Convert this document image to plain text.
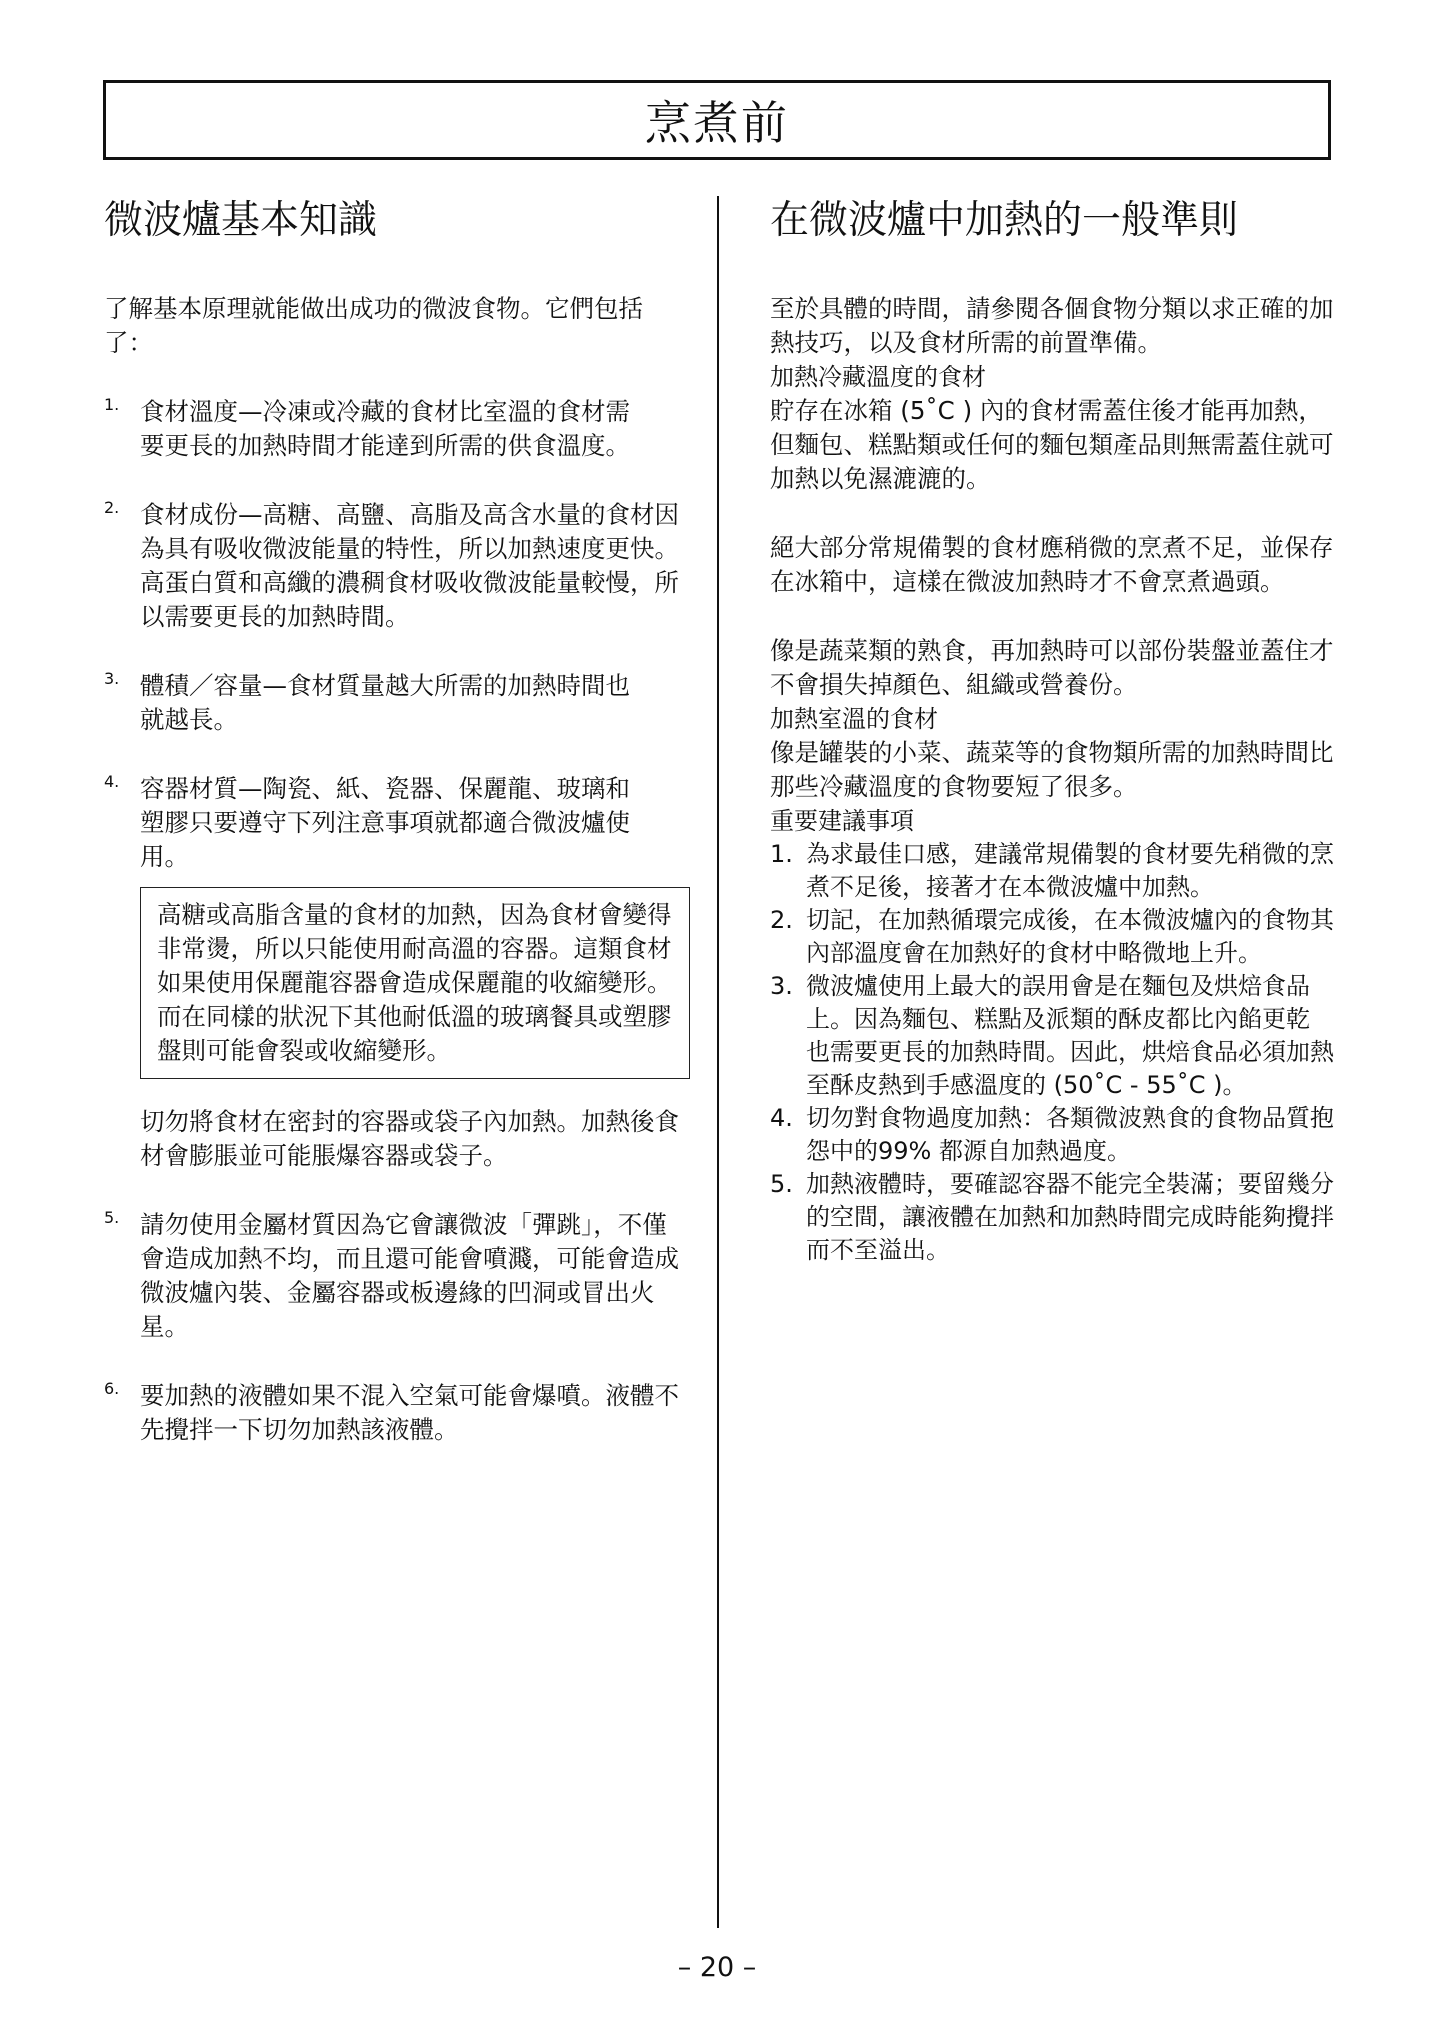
烹煮前
微波爐基本知識

了解基本原理就能做出成功的微波食物。它們包括了：

1. 食材溫度—冷凍或冷藏的食材比室溫的食材需要更長的加熱時間才能達到所需的供食溫度。
2. 食材成份—高糖、高鹽、高脂及高含水量的食材因為具有吸收微波能量的特性，所以加熱速度更快。高蛋白質和高纖的濃稠食材吸收微波能量較慢，所以需要更長的加熱時間。
3. 體積／容量—食材質量越大所需的加熱時間也就越長。
4. 容器材質—陶瓷、紙、瓷器、保麗龍、玻璃和塑膠只要遵守下列注意事項就都適合微波爐使用。
高糖或高脂含量的食材的加熱，因為食材會變得非常燙，所以只能使用耐高溫的容器。這類食材如果使用保麗龍容器會造成保麗龍的收縮變形。而在同樣的狀況下其他耐低溫的玻璃餐具或塑膠盤則可能會裂或收縮變形。
切勿將食材在密封的容器或袋子內加熱。加熱後食材會膨脹並可能脹爆容器或袋子。
5. 請勿使用金屬材質因為它會讓微波「彈跳」，不僅會造成加熱不均，而且還可能會噴濺，可能會造成微波爐內裝、金屬容器或板邊緣的凹洞或冒出火星。
6. 要加熱的液體如果不混入空氣可能會爆噴。液體不先攪拌一下切勿加熱該液體。
在微波爐中加熱的一般準則

至於具體的時間，請參閱各個食物分類以求正確的加熱技巧，以及食材所需的前置準備。

加熱冷藏溫度的食材

貯存在冰箱 (5˚C ) 內的食材需蓋住後才能再加熱，但麵包、糕點類或任何的麵包類產品則無需蓋住就可加熱以免濕漉漉的。

絕大部分常規備製的食材應稍微的烹煮不足，並保存在冰箱中，這樣在微波加熱時才不會烹煮過頭。

像是蔬菜類的熟食，再加熱時可以部份裝盤並蓋住才不會損失掉顏色、組織或營養份。

加熱室溫的食材

像是罐裝的小菜、蔬菜等的食物類所需的加熱時間比那些冷藏溫度的食物要短了很多。

重要建議事項

1. 為求最佳口感，建議常規備製的食材要先稍微的烹煮不足後，接著才在本微波爐中加熱。
2. 切記，在加熱循環完成後，在本微波爐內的食物其內部溫度會在加熱好的食材中略微地上升。
3. 微波爐使用上最大的誤用會是在麵包及烘焙食品上。因為麵包、糕點及派類的酥皮都比內餡更乾 也需要更長的加熱時間。因此，烘焙食品必須加熱至酥皮熱到手感溫度的 (50˚C - 55˚C )。
4. 切勿對食物過度加熱：各類微波熟食的食物品質抱怨中的99% 都源自加熱過度。
5. 加熱液體時，要確認容器不能完全裝滿；要留幾分的空間，讓液體在加熱和加熱時間完成時能夠攪拌而不至溢出。
– 20 –
